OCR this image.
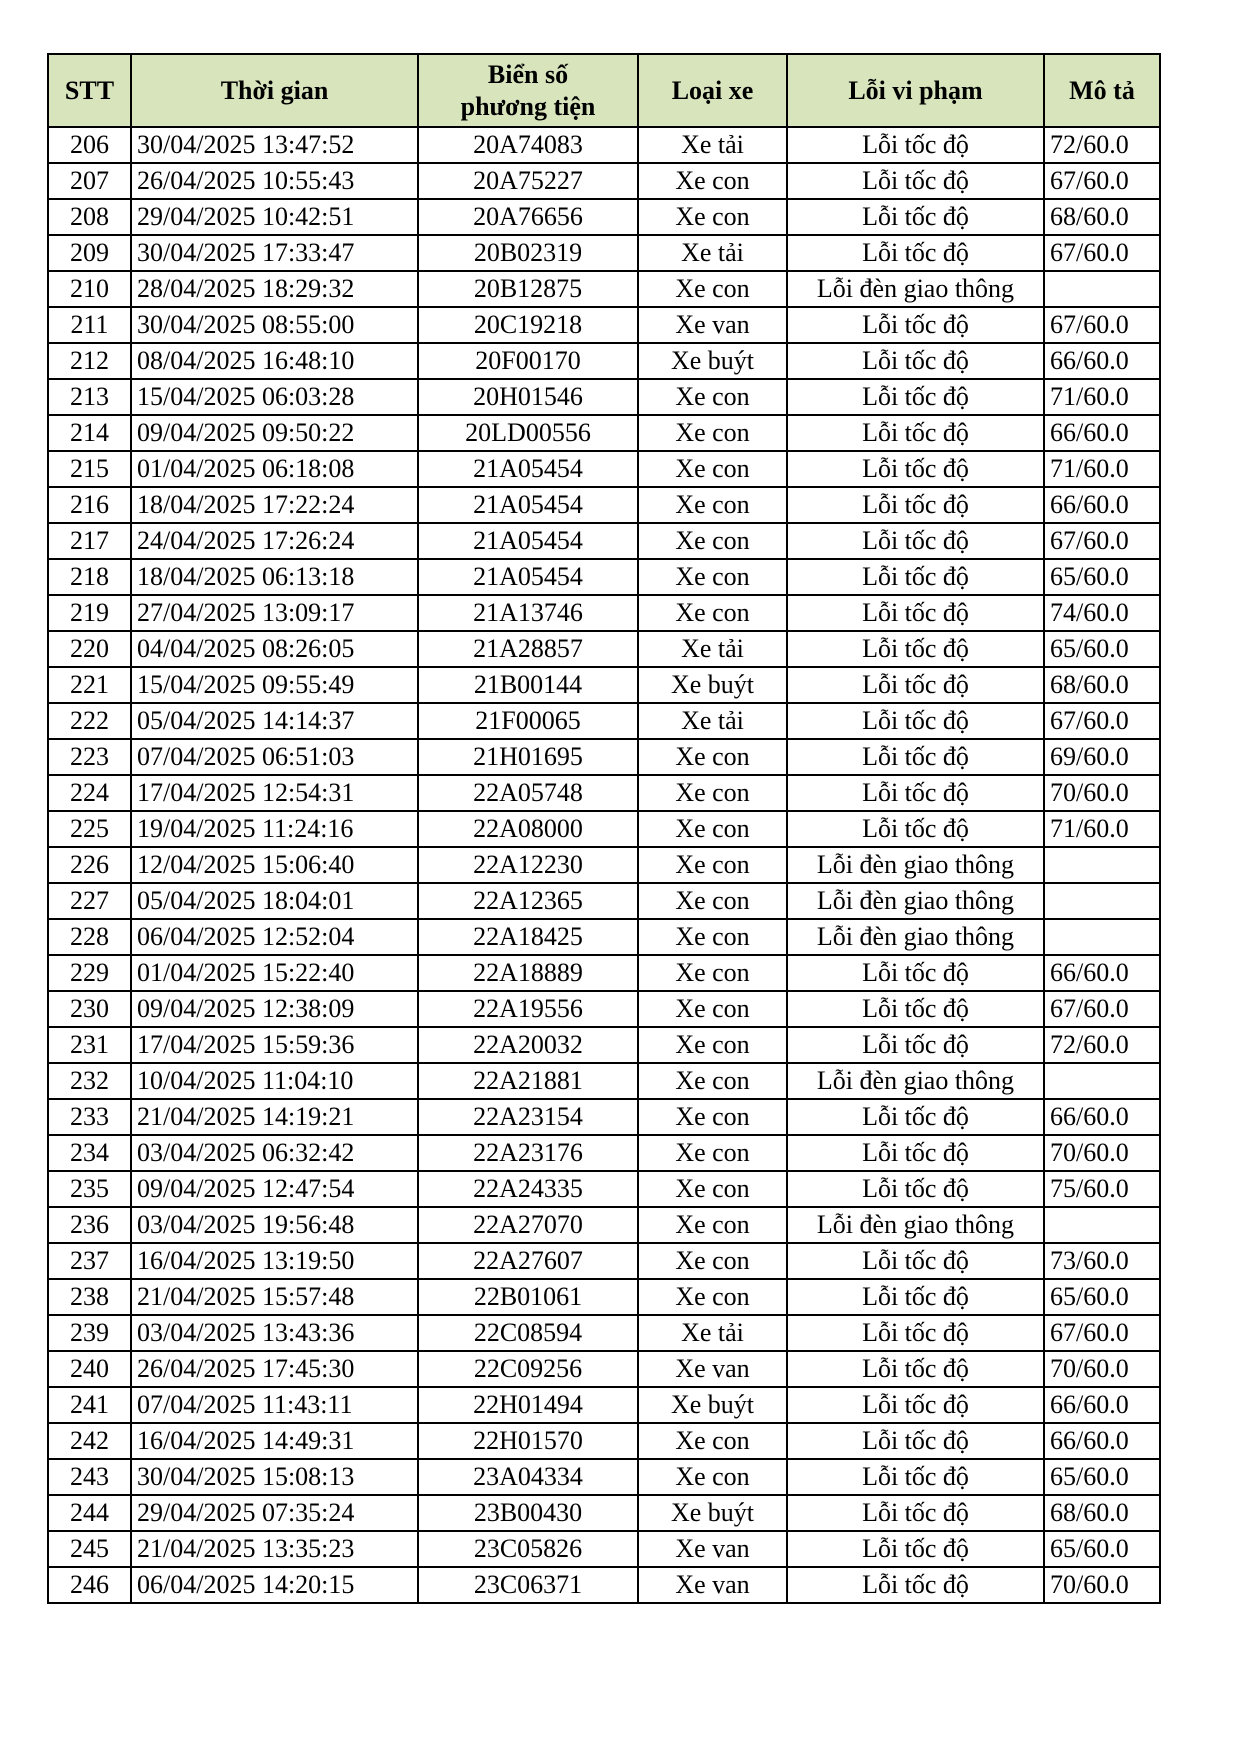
STT	Thời gian	Biển số
phương tiện	Loại xe	Lỗi vi phạm	Mô tả
206	30/04/2025 13:47:52	20A74083	Xe tải	Lỗi tốc độ	72/60.0
207	26/04/2025 10:55:43	20A75227	Xe con	Lỗi tốc độ	67/60.0
208	29/04/2025 10:42:51	20A76656	Xe con	Lỗi tốc độ	68/60.0
209	30/04/2025 17:33:47	20B02319	Xe tải	Lỗi tốc độ	67/60.0
210	28/04/2025 18:29:32	20B12875	Xe con	Lỗi đèn giao thông	
211	30/04/2025 08:55:00	20C19218	Xe van	Lỗi tốc độ	67/60.0
212	08/04/2025 16:48:10	20F00170	Xe buýt	Lỗi tốc độ	66/60.0
213	15/04/2025 06:03:28	20H01546	Xe con	Lỗi tốc độ	71/60.0
214	09/04/2025 09:50:22	20LD00556	Xe con	Lỗi tốc độ	66/60.0
215	01/04/2025 06:18:08	21A05454	Xe con	Lỗi tốc độ	71/60.0
216	18/04/2025 17:22:24	21A05454	Xe con	Lỗi tốc độ	66/60.0
217	24/04/2025 17:26:24	21A05454	Xe con	Lỗi tốc độ	67/60.0
218	18/04/2025 06:13:18	21A05454	Xe con	Lỗi tốc độ	65/60.0
219	27/04/2025 13:09:17	21A13746	Xe con	Lỗi tốc độ	74/60.0
220	04/04/2025 08:26:05	21A28857	Xe tải	Lỗi tốc độ	65/60.0
221	15/04/2025 09:55:49	21B00144	Xe buýt	Lỗi tốc độ	68/60.0
222	05/04/2025 14:14:37	21F00065	Xe tải	Lỗi tốc độ	67/60.0
223	07/04/2025 06:51:03	21H01695	Xe con	Lỗi tốc độ	69/60.0
224	17/04/2025 12:54:31	22A05748	Xe con	Lỗi tốc độ	70/60.0
225	19/04/2025 11:24:16	22A08000	Xe con	Lỗi tốc độ	71/60.0
226	12/04/2025 15:06:40	22A12230	Xe con	Lỗi đèn giao thông	
227	05/04/2025 18:04:01	22A12365	Xe con	Lỗi đèn giao thông	
228	06/04/2025 12:52:04	22A18425	Xe con	Lỗi đèn giao thông	
229	01/04/2025 15:22:40	22A18889	Xe con	Lỗi tốc độ	66/60.0
230	09/04/2025 12:38:09	22A19556	Xe con	Lỗi tốc độ	67/60.0
231	17/04/2025 15:59:36	22A20032	Xe con	Lỗi tốc độ	72/60.0
232	10/04/2025 11:04:10	22A21881	Xe con	Lỗi đèn giao thông	
233	21/04/2025 14:19:21	22A23154	Xe con	Lỗi tốc độ	66/60.0
234	03/04/2025 06:32:42	22A23176	Xe con	Lỗi tốc độ	70/60.0
235	09/04/2025 12:47:54	22A24335	Xe con	Lỗi tốc độ	75/60.0
236	03/04/2025 19:56:48	22A27070	Xe con	Lỗi đèn giao thông	
237	16/04/2025 13:19:50	22A27607	Xe con	Lỗi tốc độ	73/60.0
238	21/04/2025 15:57:48	22B01061	Xe con	Lỗi tốc độ	65/60.0
239	03/04/2025 13:43:36	22C08594	Xe tải	Lỗi tốc độ	67/60.0
240	26/04/2025 17:45:30	22C09256	Xe van	Lỗi tốc độ	70/60.0
241	07/04/2025 11:43:11	22H01494	Xe buýt	Lỗi tốc độ	66/60.0
242	16/04/2025 14:49:31	22H01570	Xe con	Lỗi tốc độ	66/60.0
243	30/04/2025 15:08:13	23A04334	Xe con	Lỗi tốc độ	65/60.0
244	29/04/2025 07:35:24	23B00430	Xe buýt	Lỗi tốc độ	68/60.0
245	21/04/2025 13:35:23	23C05826	Xe van	Lỗi tốc độ	65/60.0
246	06/04/2025 14:20:15	23C06371	Xe van	Lỗi tốc độ	70/60.0
